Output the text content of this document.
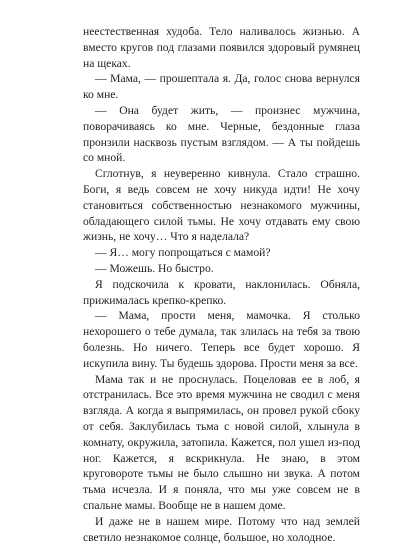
неестественная худоба. Тело наливалось жизнью. А вместо кругов под глазами появился здоровый румянец на щеках.

— Мама, — прошептала я. Да, голос снова вернулся ко мне.

— Она будет жить, — произнес мужчина, поворачиваясь ко мне. Черные, бездонные глаза пронзили насквозь пустым взглядом. — А ты пойдешь со мной.

Сглотнув, я неуверенно кивнула. Стало страшно. Боги, я ведь совсем не хочу никуда идти! Не хочу становиться собственностью незнакомого мужчины, обладающего силой тьмы. Не хочу отдавать ему свою жизнь, не хочу… Что я наделала?

— Я… могу попрощаться с мамой?

— Можешь. Но быстро.

Я подскочила к кровати, наклонилась. Обняла, прижималась крепко-крепко.

— Мама, прости меня, мамочка. Я столько нехорошего о тебе думала, так злилась на тебя за твою болезнь. Но ничего. Теперь все будет хорошо. Я искупила вину. Ты будешь здорова. Прости меня за все.

Мама так и не проснулась. Поцеловав ее в лоб, я отстранилась. Все это время мужчина не сводил с меня взгляда. А когда я выпрямилась, он провел рукой сбоку от себя. Заклубилась тьма с новой силой, хлынула в комнату, окружила, затопила. Кажется, пол ушел из-под ног. Кажется, я вскрикнула. Не знаю, в этом круговороте тьмы не было слышно ни звука. А потом тьма исчезла. И я поняла, что мы уже совсем не в спальне мамы. Вообще не в нашем доме.

И даже не в нашем мире. Потому что над землей светило незнакомое солнце, большое, но холодное.
